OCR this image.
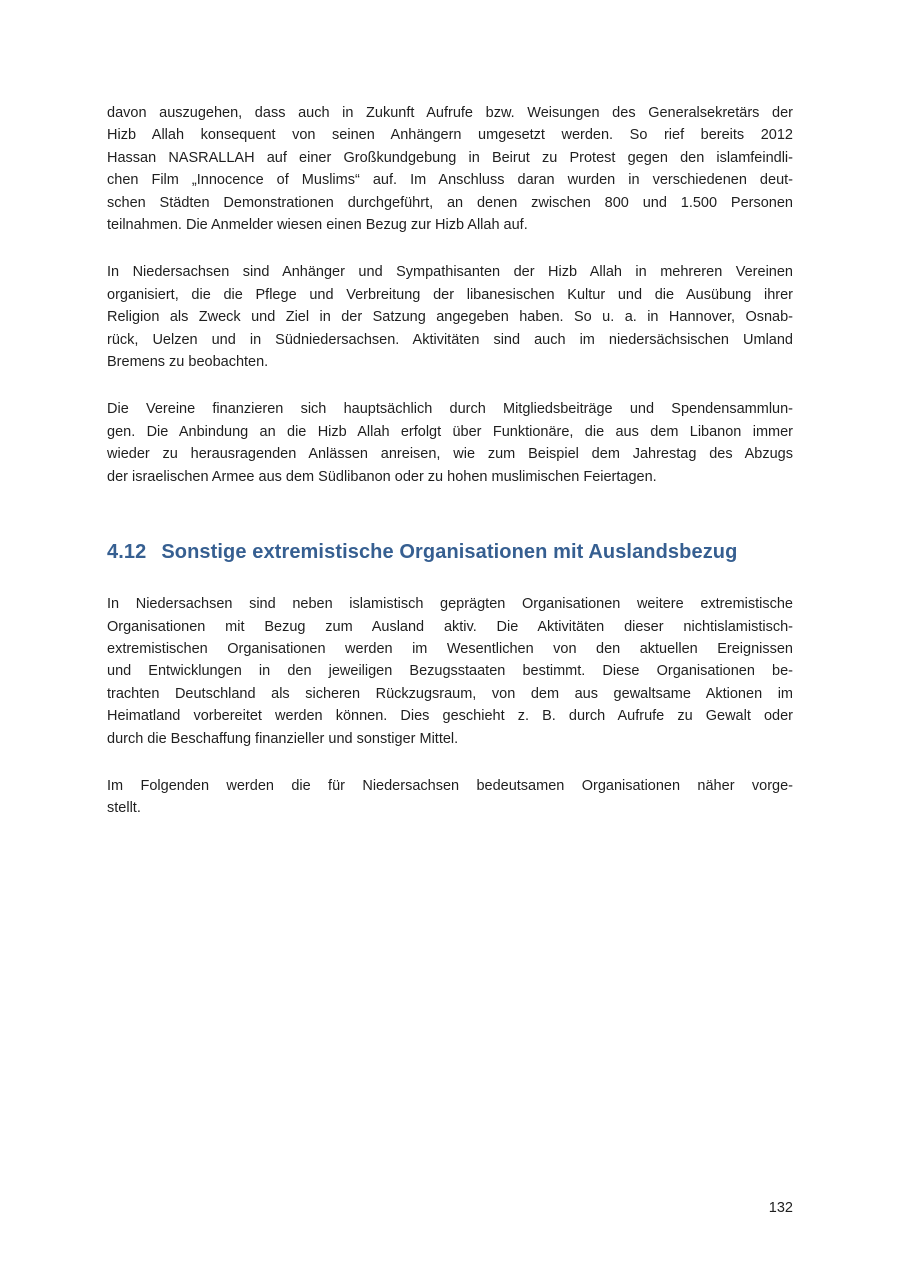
davon auszugehen, dass auch in Zukunft Aufrufe bzw. Weisungen des Generalsekretärs der
Hizb Allah konsequent von seinen Anhängern umgesetzt werden. So rief bereits 2012
Hassan NASRALLAH auf einer Großkundgebung in Beirut zu Protest gegen den islamfeindli-
chen Film „Innocence of Muslims“ auf. Im Anschluss daran wurden in verschiedenen deut-
schen Städten Demonstrationen durchgeführt, an denen zwischen 800 und 1.500 Personen
teilnahmen. Die Anmelder wiesen einen Bezug zur Hizb Allah auf.
In Niedersachsen sind Anhänger und Sympathisanten der Hizb Allah in mehreren Vereinen
organisiert, die die Pflege und Verbreitung der libanesischen Kultur und die Ausübung ihrer
Religion als Zweck und Ziel in der Satzung angegeben haben. So u. a. in Hannover, Osnab-
rück, Uelzen und in Südniedersachsen. Aktivitäten sind auch im niedersächsischen Umland
Bremens zu beobachten.
Die Vereine finanzieren sich hauptsächlich durch Mitgliedsbeiträge und Spendensammlun-
gen. Die Anbindung an die Hizb Allah erfolgt über Funktionäre, die aus dem Libanon immer
wieder zu herausragenden Anlässen anreisen, wie zum Beispiel dem Jahrestag des Abzugs
der israelischen Armee aus dem Südlibanon oder zu hohen muslimischen Feiertagen.
4.12 Sonstige extremistische Organisationen mit Auslandsbezug
In Niedersachsen sind neben islamistisch geprägten Organisationen weitere extremistische
Organisationen mit Bezug zum Ausland aktiv. Die Aktivitäten dieser nichtislamistisch-
extremistischen Organisationen werden im Wesentlichen von den aktuellen Ereignissen
und Entwicklungen in den jeweiligen Bezugsstaaten bestimmt. Diese Organisationen be-
trachten Deutschland als sicheren Rückzugsraum, von dem aus gewaltsame Aktionen im
Heimatland vorbereitet werden können. Dies geschieht z. B. durch Aufrufe zu Gewalt oder
durch die Beschaffung finanzieller und sonstiger Mittel.
Im Folgenden werden die für Niedersachsen bedeutsamen Organisationen näher vorge-
stellt.
132
